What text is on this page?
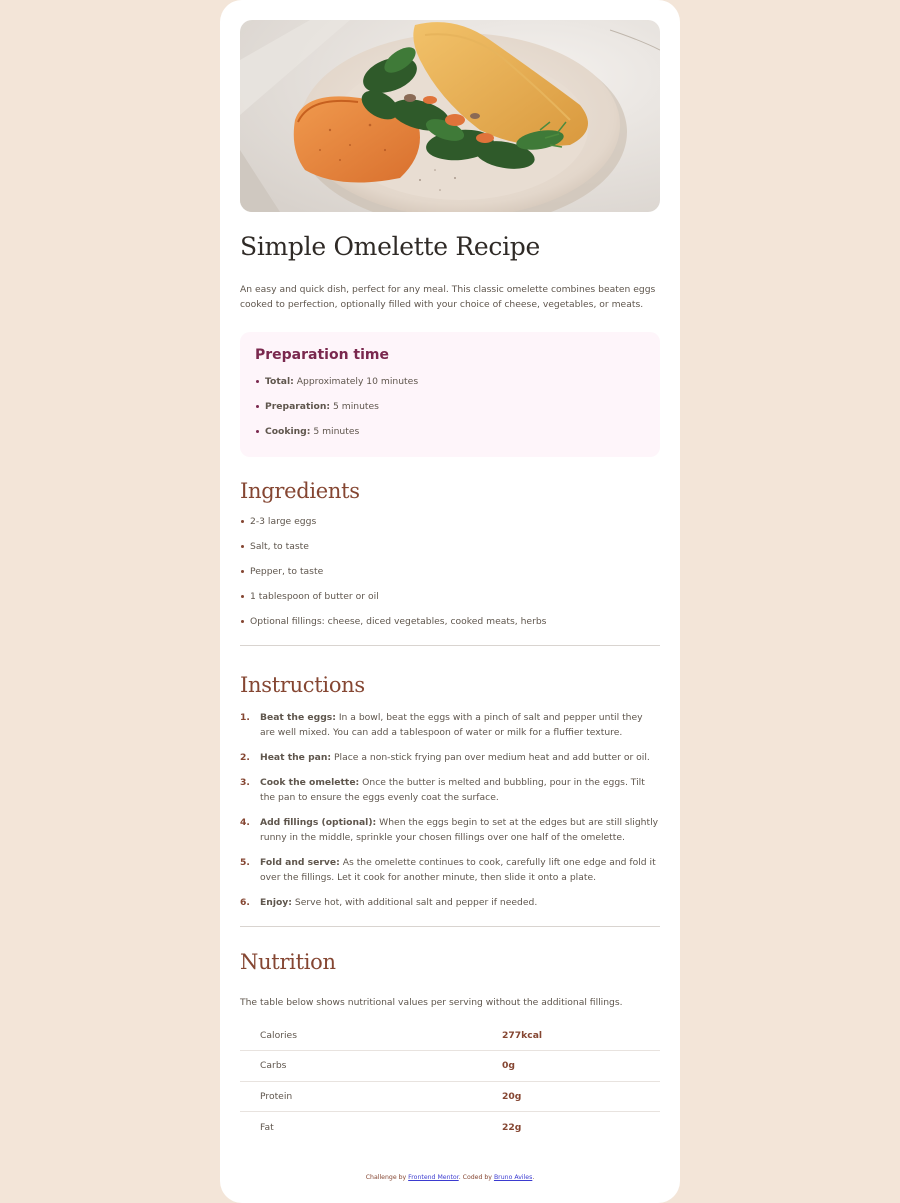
Simple Omelette Recipe

An easy and quick dish, perfect for any meal. This classic omelette combines beaten eggs cooked to perfection, optionally filled with your choice of cheese, vegetables, or meats.

Preparation time
Total: Approximately 10 minutes
Preparation: 5 minutes
Cooking: 5 minutes
Ingredients
2-3 large eggs
Salt, to taste
Pepper, to taste
1 tablespoon of butter or oil
Optional fillings: cheese, diced vegetables, cooked meats, herbs
Instructions
1. Beat the eggs: In a bowl, beat the eggs with a pinch of salt and pepper until they are well mixed. You can add a tablespoon of water or milk for a fluffier texture.
2. Heat the pan: Place a non-stick frying pan over medium heat and add butter or oil.
3. Cook the omelette: Once the butter is melted and bubbling, pour in the eggs. Tilt the pan to ensure the eggs evenly coat the surface.
4. Add fillings (optional): When the eggs begin to set at the edges but are still slightly runny in the middle, sprinkle your chosen fillings over one half of the omelette.
5. Fold and serve: As the omelette continues to cook, carefully lift one edge and fold it over the fillings. Let it cook for another minute, then slide it onto a plate.
6. Enjoy: Serve hot, with additional salt and pepper if needed.
Nutrition

The table below shows nutritional values per serving without the additional fillings.

Calories	277kcal
Carbs	0g
Protein	20g
Fat	22g
Challenge by Frontend Mentor. Coded by Bruno Aviles.
